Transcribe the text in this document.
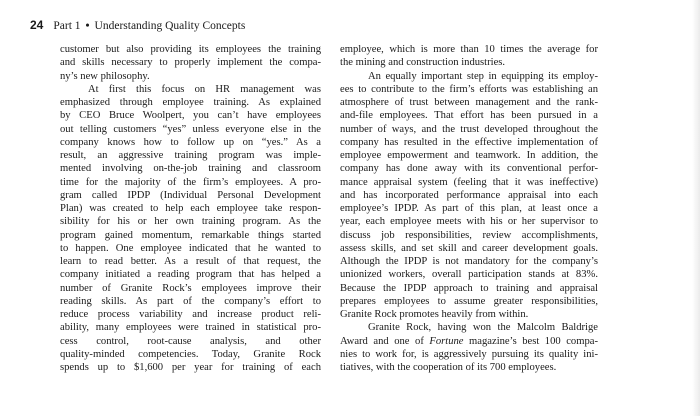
24 Part 1 • Understanding Quality Concepts
customer but also providing its employees the training
and skills necessary to properly implement the compa-
ny’s new philosophy.
At first this focus on HR management was
emphasized through employee training. As explained
by CEO Bruce Woolpert, you can’t have employees
out telling customers “yes” unless everyone else in the
company knows how to follow up on “yes.” As a
result, an aggressive training program was imple-
mented involving on-the-job training and classroom
time for the majority of the firm’s employees. A pro-
gram called IPDP (Individual Personal Development
Plan) was created to help each employee take respon-
sibility for his or her own training program. As the
program gained momentum, remarkable things started
to happen. One employee indicated that he wanted to
learn to read better. As a result of that request, the
company initiated a reading program that has helped a
number of Granite Rock’s employees improve their
reading skills. As part of the company’s effort to
reduce process variability and increase product reli-
ability, many employees were trained in statistical pro-
cess control, root-cause analysis, and other
quality-minded competencies. Today, Granite Rock
spends up to $1,600 per year for training of each
employee, which is more than 10 times the average for
the mining and construction industries.
An equally important step in equipping its employ-
ees to contribute to the firm’s efforts was establishing an
atmosphere of trust between management and the rank-
and-file employees. That effort has been pursued in a
number of ways, and the trust developed throughout the
company has resulted in the effective implementation of
employee empowerment and teamwork. In addition, the
company has done away with its conventional perfor-
mance appraisal system (feeling that it was ineffective)
and has incorporated performance appraisal into each
employee’s IPDP. As part of this plan, at least once a
year, each employee meets with his or her supervisor to
discuss job responsibilities, review accomplishments,
assess skills, and set skill and career development goals.
Although the IPDP is not mandatory for the company’s
unionized workers, overall participation stands at 83%.
Because the IPDP approach to training and appraisal
prepares employees to assume greater responsibilities,
Granite Rock promotes heavily from within.
Granite Rock, having won the Malcolm Baldrige
Award and one of Fortune magazine’s best 100 compa-
nies to work for, is aggressively pursuing its quality ini-
tiatives, with the cooperation of its 700 employees.
